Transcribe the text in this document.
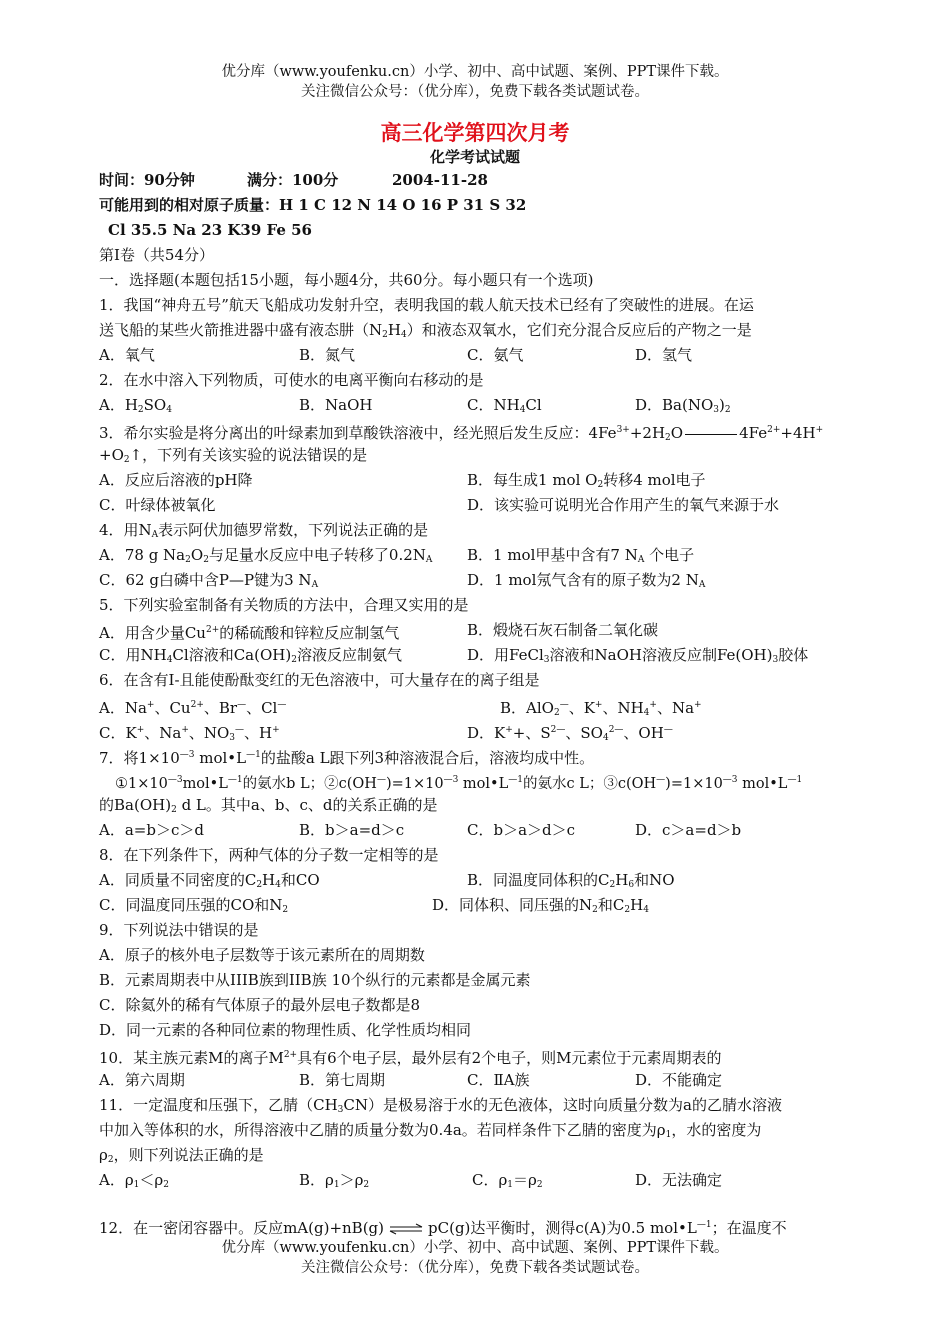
优分库（www.youfenku.cn）小学、初中、高中试题、案例、PPT课件下载。
关注微信公众号：（优分库），免费下载各类试题试卷。
高三化学第四次月考
化学考试试题
时间：90分钟	满分：100分	2004-11-28
可能用到的相对原子质量：H 1 C 12 N 14 O 16 P 31 S 32
Cl 35.5 Na 23 K39 Fe 56
第Ⅰ卷（共54分）
一．选择题(本题包括15小题，每小题4分，共60分。每小题只有一个选项)
1．我国“神舟五号”航天飞船成功发射升空，表明我国的载人航天技术已经有了突破性的进展。在运
送飞船的某些火箭推进器中盛有液态肼$(N_2H_4)$和液态双氧水，它们充分混合反应后的产物之一是
A．氧气	B．氮气	C．氨气	D．氢气
2．在水中溶入下列物质，可使水的电离平衡向右移动的是
A．$H_2SO_4$	B．NaOH	C．$NH_4Cl$	D．$Ba(NO_3)_2$
3．希尔实验是将分离出的叶绿素加到草酸铁溶液中，经光照后发生反应：$4Fe^{3+}+2H_2O$	$4Fe^{2+}+4H^+$
$+O_2↑$，下列有关该实验的说法错误的是
A．反应后溶液的pH降	B．每生成1 mol $O_2$转移4 mol电子
C．叶绿体被氧化	D．该实验可说明光合作用产生的氧气来源于水
4．用$N_A$表示阿伏加德罗常数，下列说法正确的是
A．78 g $Na_2O_2$与足量水反应中电子转移了$0.2N_A$ B．1 mol甲基中含有7 $N_A$ 个电子
C．62 g白磷中含P—P键为3 $N_A$	D．1 mol氖气含有的原子数为2 $N_A$
5．下列实验室制备有关物质的方法中，合理又实用的是
A．用含少量$Cu^{2+}$的稀硫酸和锌粒反应制氢气	B．煅烧石灰石制备二氧化碳
C．用$NH_4Cl$溶液和$Ca(OH)_2$溶液反应制氨气	D．用FeCl$_3$溶液和NaOH溶液反应制$Fe(OH)_3$胶体
6．在含有I-且能使酚酞变红的无色溶液中，可大量存在的离子组是
A．Na+、$Cu^{2+}$、Br—、Cl—	B．AlO$_2$—、K+、$NH_4^+$、Na+
C．K+、Na+、$NO_3^—$、H+	D．K++、$S^{2—}$、$SO_4^{2—}$、OH—
7．将$1\times 10^{—3}$ $mol•L^{—1}$的盐酸a L跟下列3种溶液混合后，溶液均成中性。
$①1\times 10^{—3}mol•L^{—1}$的氨水b L；$②c(OH^—)=1\times 10^{—3}$ $mol•L^{—1}$的氨水c L；$③c(OH^—)=1\times 10^{—3}$ $mol•L^{—1}$
的$Ba(OH)_2$ d L。其中a、b、c、d的关系正确的是
A．a=b＞c＞d	B．b＞a=d＞c	C．b＞a＞d＞c	D．c＞a=d＞b
8．在下列条件下，两种气体的分子数一定相等的是
A．同质量不同密度的$C_2H_4$和CO	B．同温度同体积的$C_2H_6$和NO
C．同温度同压强的CO和$N_2$	D．同体积、同压强的$N_2$和$C_2H_4$
9．下列说法中错误的是
A．原子的核外电子层数等于该元素所在的周期数
B．元素周期表中从IIIB族到IIB族 10个纵行的元素都是金属元素
C．除氦外的稀有气体原子的最外层电子数都是8
D．同一元素的各种同位素的物理性质、化学性质均相同
10．某主族元素M的离子$M^{2+}$具有6个电子层，最外层有2个电子，则M元素位于元素周期表的
A．第六周期	B．第七周期	C．ⅡA族	D．不能确定
11．一定温度和压强下，乙腈$(CH_3CN)$是极易溶于水的无色液体，这时向质量分数为a的乙腈水溶液
中加入等体积的水，所得溶液中乙腈的质量分数为0.4a。若同样条件下乙腈的密度为$\rho_1$，水的密度为
$\rho_2$，则下列说法正确的是
A．$\rho_1<\rho_2$	B．$\rho_1>\rho_2$	C．$\rho_1=\rho_2$	D．无法确定
12．在一密闭容器中。反应mA(g)+nB(g) ⇌ pC(g)达平衡时，测得c(A)为0.5 $mol•L^{—1}$；在温度不
优分库（www.youfenku.cn）小学、初中、高中试题、案例、PPT课件下载。
关注微信公众号：（优分库），免费下载各类试题试卷。
